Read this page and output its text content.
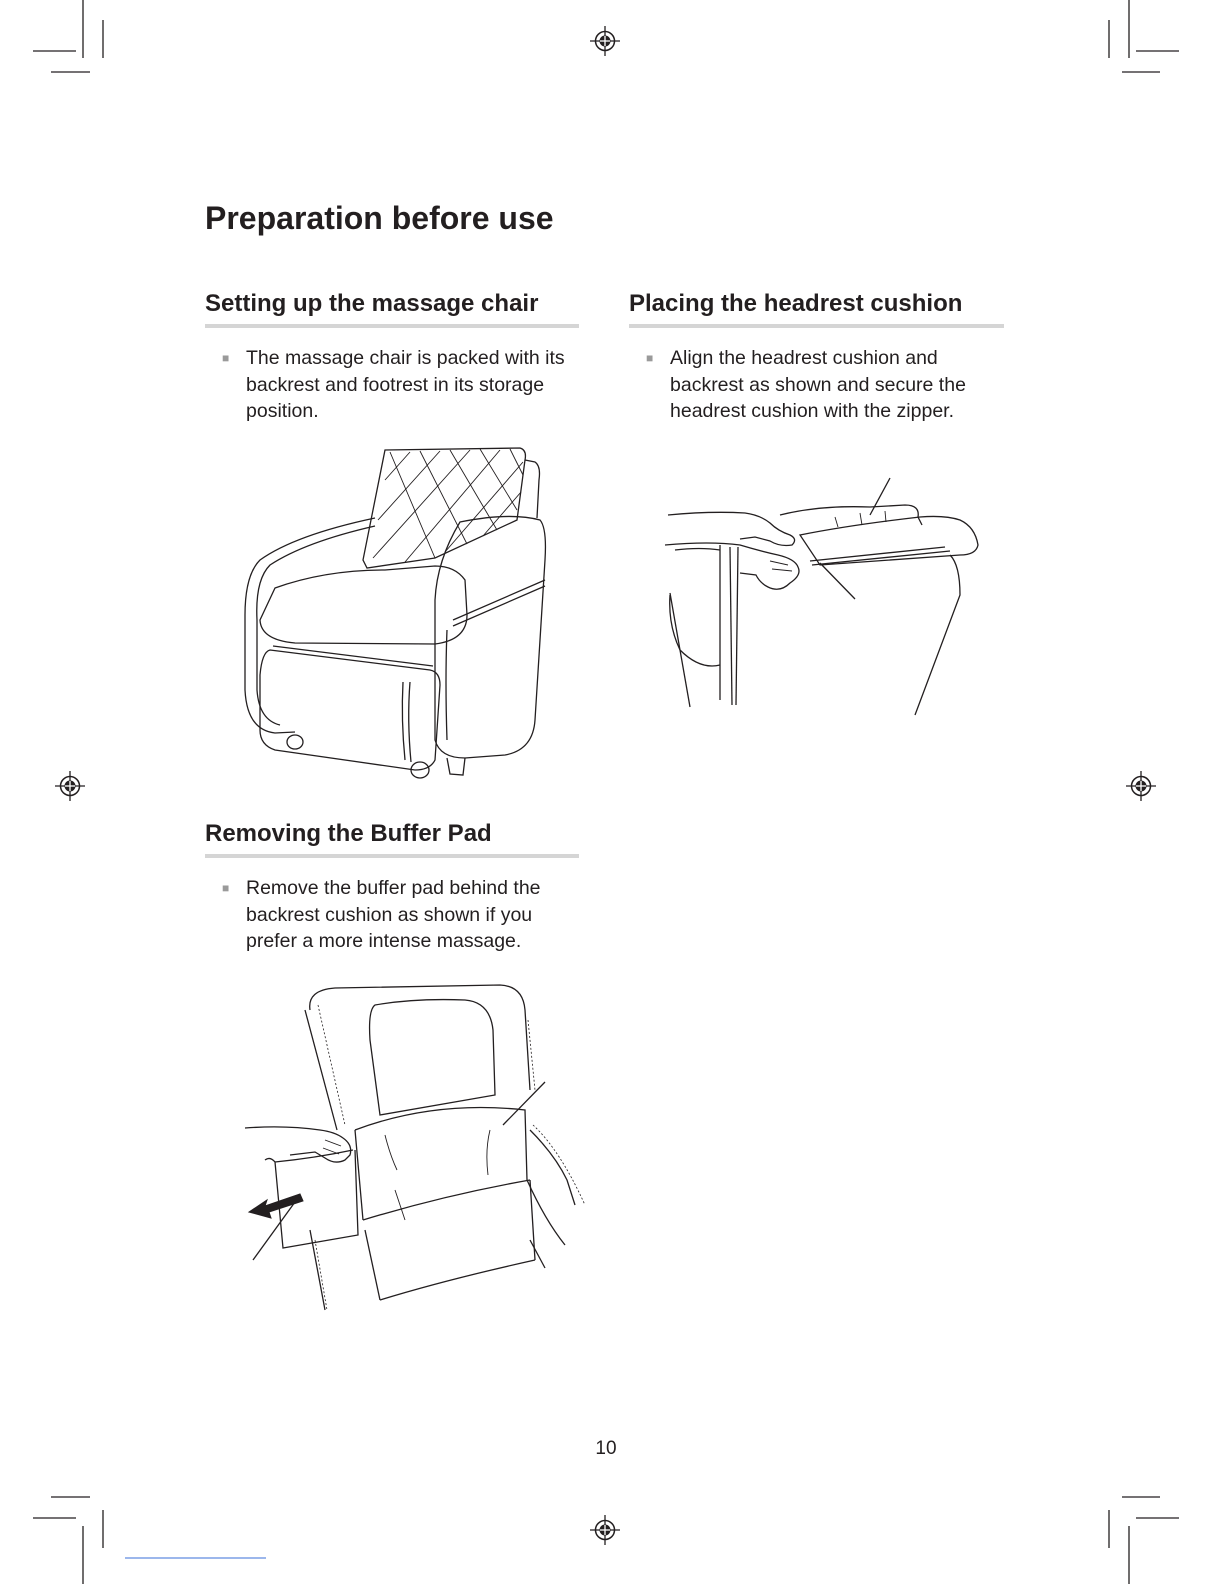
Preparation before use
Setting up the massage chair
■ The massage chair is packed with its backrest and footrest in its storage position.
Placing the headrest cushion
■ Align the headrest cushion and backrest as shown and secure the headrest cushion with the zipper.
Removing the Buffer Pad
■ Remove the buffer pad behind the backrest cushion as shown if you prefer a more intense massage.
10
